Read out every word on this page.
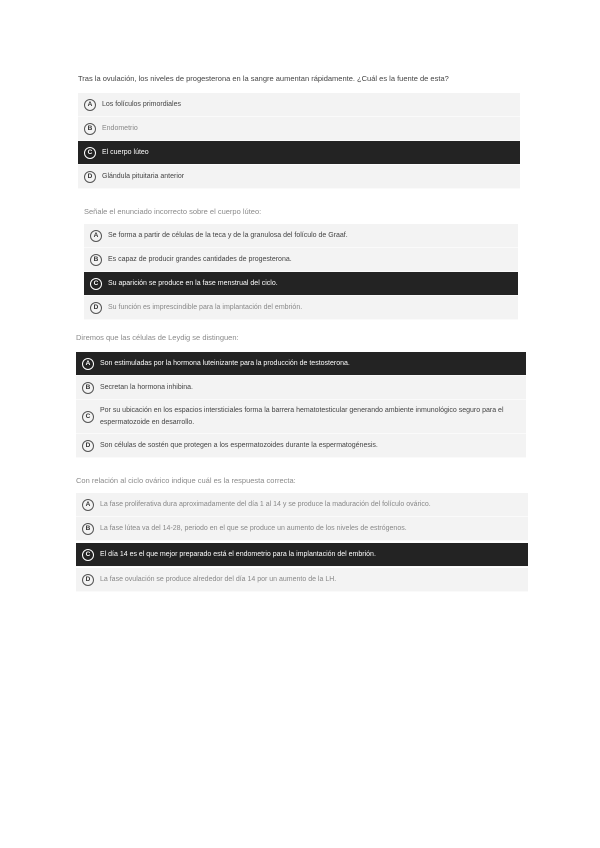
Tras la ovulación, los niveles de progesterona en la sangre aumentan rápidamente. ¿Cuál es la fuente de esta?
A	Los folículos primordiales
B	Endometrio
C	El cuerpo lúteo
D	Glándula pituitaria anterior
Señale el enunciado incorrecto sobre el cuerpo lúteo:
A	Se forma a partir de células de la teca y de la granulosa del folículo de Graaf.
B	Es capaz de producir grandes cantidades de progesterona.
C	Su aparición se produce en la fase menstrual del ciclo.
D	Su función es imprescindible para la implantación del embrión.
Diremos que las células de Leydig se distinguen:
A	Son estimuladas por la hormona luteinizante para la producción de testosterona.
B	Secretan la hormona inhibina.
C
Por su ubicación en los espacios intersticiales forma la barrera hematotesticular generando ambiente inmunológico seguro para el espermatozoide en desarrollo.
D	Son células de sostén que protegen a los espermatozoides durante la espermatogénesis.
Con relación al ciclo ovárico indique cuál es la respuesta correcta:
A	La fase proliferativa dura aproximadamente del día 1 al 14 y se produce la maduración del folículo ovárico.
B	La fase lútea va del 14-28, periodo en el que se produce un aumento de los niveles de estrógenos.
C	El día 14 es el que mejor preparado está el endometrio para la implantación del embrión.
D	La fase ovulación se produce alrededor del día 14 por un aumento de la LH.
